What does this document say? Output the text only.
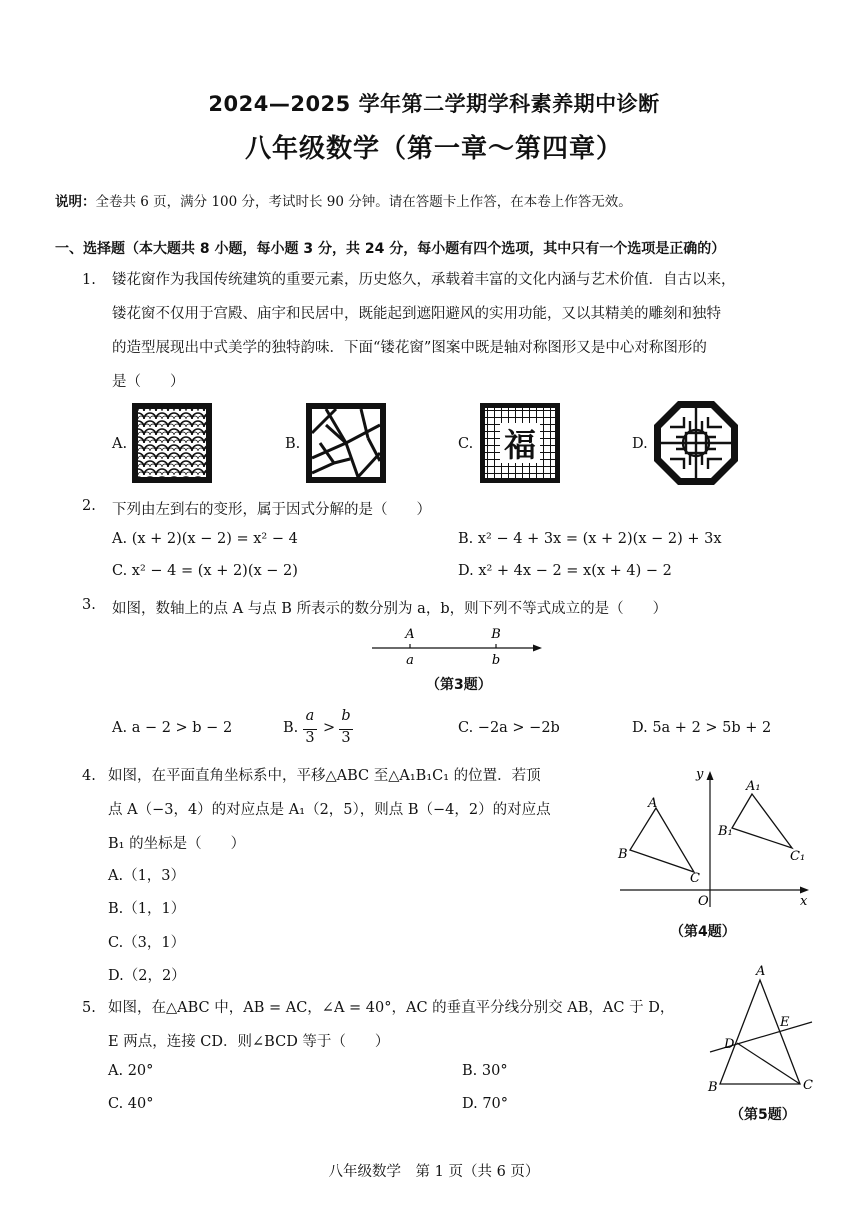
2024—2025 学年第二学期学科素养期中诊断
八年级数学（第一章～第四章）
说明：全卷共 6 页，满分 100 分，考试时长 90 分钟。请在答题卡上作答，在本卷上作答无效。
一、选择题（本大题共 8 小题，每小题 3 分，共 24 分，每小题有四个选项，其中只有一个选项是正确的）
1. 镂花窗作为我国传统建筑的重要元素，历史悠久，承载着丰富的文化内涵与艺术价值．自古以来，
镂花窗不仅用于宫殿、庙宇和民居中，既能起到遮阳避风的实用功能，又以其精美的雕刻和独特
的造型展现出中式美学的独特韵味．下面“镂花窗”图案中既是轴对称图形又是中心对称图形的
是（　　）
A.	B.	C. 福	D.
2. 下列由左到右的变形，属于因式分解的是（　　）
A. (x + 2)(x − 2) = x² − 4	B. x² − 4 + 3x = (x + 2)(x − 2) + 3x
C. x² − 4 = (x + 2)(x − 2)	D. x² + 4x − 2 = x(x + 4) − 2
3. 如图，数轴上的点 A 与点 B 所表示的数分别为 a，b，则下列不等式成立的是（　　）
A	B
a	b
（第3题）
A. a − 2 > b − 2	B.
a
3
>
b
3
C. −2a > −2b	D. 5a + 2 > 5b + 2
4. 如图，在平面直角坐标系中，平移△ABC 至△A₁B₁C₁ 的位置．若顶
点 A（−3，4）的对应点是 A₁（2，5），则点 B（−4，2）的对应点
B₁ 的坐标是（　　）
A.（1，3）
B.（1，1）
C.（3，1）
D.（2，2）
A
B
C
A₁
B₁
C₁
O	x
y
（第4题）
5. 如图，在△ABC 中，AB = AC，∠A = 40°，AC 的垂直平分线分别交 AB，AC 于 D，
E 两点，连接 CD．则∠BCD 等于（　　）
A. 20°	B. 30°
C. 40°	D. 70°
A
B	C
D
E
（第5题）
八年级数学　第 1 页（共 6 页）
